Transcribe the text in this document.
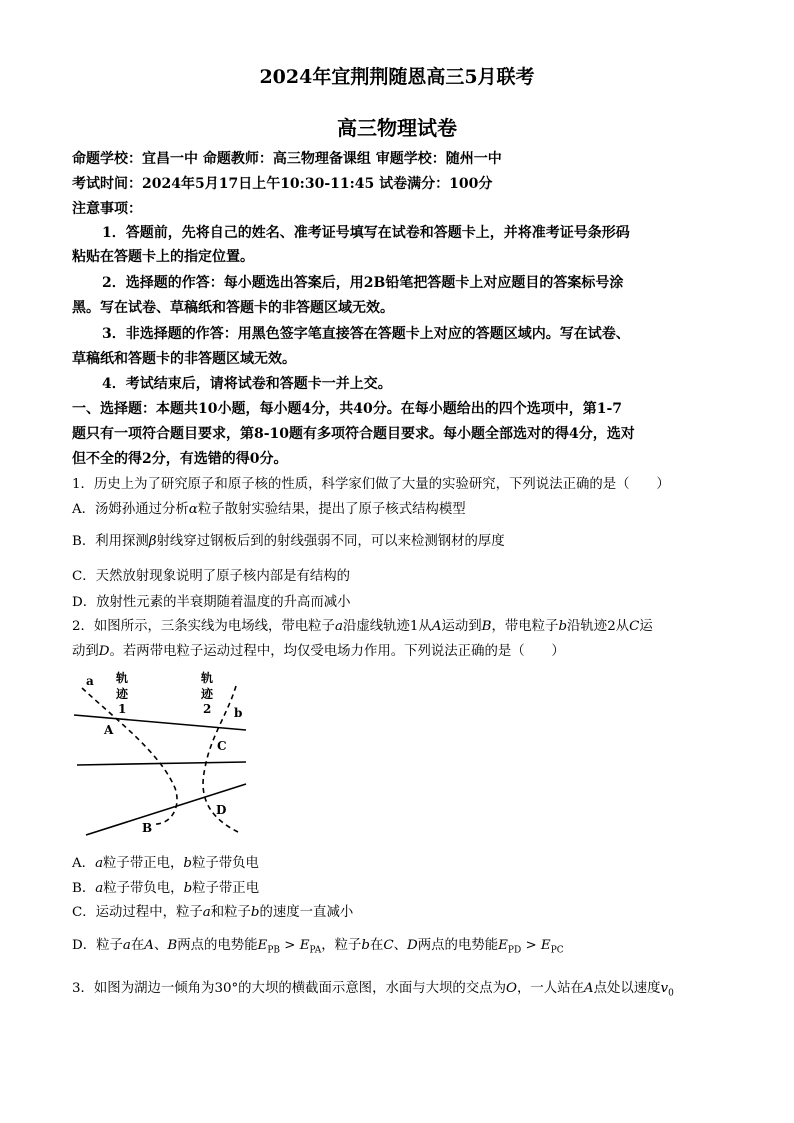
2024年宜荆荆随恩高三5月联考
高三物理试卷
命题学校：宜昌一中 命题教师：高三物理备课组 审题学校：随州一中
考试时间：2024年5月17日上午10:30-11:45 试卷满分：100分
注意事项：
1．答题前，先将自己的姓名、准考证号填写在试卷和答题卡上，并将准考证号条形码
粘贴在答题卡上的指定位置。
2．选择题的作答：每小题选出答案后，用2B铅笔把答题卡上对应题目的答案标号涂
黑。写在试卷、草稿纸和答题卡的非答题区域无效。
3．非选择题的作答：用黑色签字笔直接答在答题卡上对应的答题区域内。写在试卷、
草稿纸和答题卡的非答题区域无效。
4．考试结束后，请将试卷和答题卡一并上交。
一、选择题：本题共10小题，每小题4分，共40分。在每小题给出的四个选项中，第1-7
题只有一项符合题目要求，第8-10题有多项符合题目要求。每小题全部选对的得4分，选对
但不全的得2分，有选错的得0分。
1．历史上为了研究原子和原子核的性质，科学家们做了大量的实验研究，下列说法正确的是（　　）
A．汤姆孙通过分析α粒子散射实验结果，提出了原子核式结构模型
B．利用探测β射线穿过钢板后到的射线强弱不同，可以来检测钢材的厚度
C．天然放射现象说明了原子核内部是有结构的
D．放射性元素的半衰期随着温度的升高而减小
2．如图所示，三条实线为电场线，带电粒子a沿虚线轨迹1从A运动到B，带电粒子b沿轨迹2从C运
动到D。若两带电粒子运动过程中，均仅受电场力作用。下列说法正确的是（　　）
a 轨
迹
1
轨
迹
2 b
A
C
D
B
A．a粒子带正电，b粒子带负电
B．a粒子带负电，b粒子带正电
C．运动过程中，粒子a和粒子b的速度一直减小
D．粒子a在A、B两点的电势能$E_{PB} > E_{PA}$，粒子b在C、D两点的电势能$E_{PD} > E_{PC}$
3．如图为湖边一倾角为30°的大坝的横截面示意图，水面与大坝的交点为O，一人站在A点处以速度$v_0$
